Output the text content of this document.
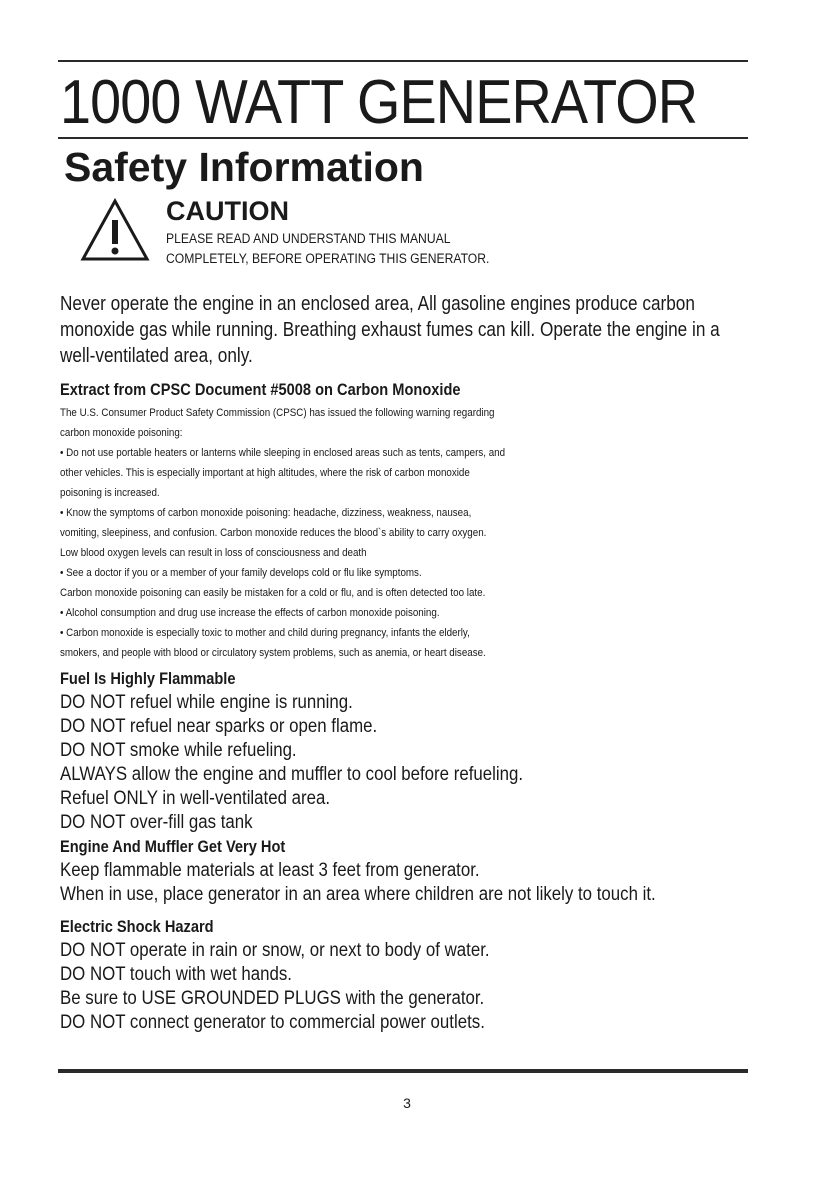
1000 WATT GENERATOR
Safety Information
CAUTION
PLEASE READ AND UNDERSTAND THIS MANUAL
COMPLETELY, BEFORE OPERATING THIS GENERATOR.
Never operate the engine in an enclosed area, All gasoline engines produce carbon
monoxide gas while running. Breathing exhaust fumes can kill. Operate the engine in a
well-ventilated area, only.
Extract from CPSC Document #5008 on Carbon Monoxide
The U.S. Consumer Product Safety Commission (CPSC) has issued the following warning regarding
carbon monoxide poisoning:
• Do not use portable heaters or lanterns while sleeping in enclosed areas such as tents, campers, and
other vehicles. This is especially important at high altitudes, where the risk of carbon monoxide
poisoning is increased.
• Know the symptoms of carbon monoxide poisoning: headache, dizziness, weakness, nausea,
vomiting, sleepiness, and confusion. Carbon monoxide reduces the blood`s ability to carry oxygen.
Low blood oxygen levels can result in loss of consciousness and death
• See a doctor if you or a member of your family develops cold or flu like symptoms.
Carbon monoxide poisoning can easily be mistaken for a cold or flu, and is often detected too late.
• Alcohol consumption and drug use increase the effects of carbon monoxide poisoning.
• Carbon monoxide is especially toxic to mother and child during pregnancy, infants the elderly,
smokers, and people with blood or circulatory system problems, such as anemia, or heart disease.
Fuel Is Highly Flammable
DO NOT refuel while engine is running.
DO NOT refuel near sparks or open flame.
DO NOT smoke while refueling.
ALWAYS allow the engine and muffler to cool before refueling.
Refuel ONLY in well-ventilated area.
DO NOT over-fill gas tank
Engine And Muffler Get Very Hot
Keep flammable materials at least 3 feet from generator.
When in use, place generator in an area where children are not likely to touch it.
Electric Shock Hazard
DO NOT operate in rain or snow, or next to body of water.
DO NOT touch with wet hands.
Be sure to USE GROUNDED PLUGS with the generator.
DO NOT connect generator to commercial power outlets.
3
